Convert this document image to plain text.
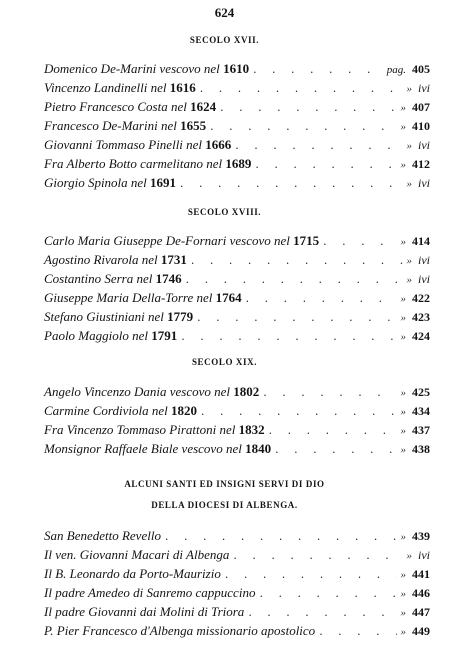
624
SECOLO XVII.
Domenico De-Marini vescovo nel 1610 . . .	pag. 405
Vincenzo Landinelli nel 1616 . . .	» ivi
Pietro Francesco Costa nel 1624 . . .	» 407
Francesco De-Marini nel 1655 . . .	» 410
Giovanni Tommaso Pinelli nel 1666 . . .	» ivi
Fra Alberto Botto carmelitano nel 1689 . . .	» 412
Giorgio Spinola nel 1691 . . .	» ivi
SECOLO XVIII.
Carlo Maria Giuseppe De-Fornari vescovo nel 1715 . . .	» 414
Agostino Rivarola nel 1731 . . .	» ivi
Costantino Serra nel 1746 . . .	» ivi
Giuseppe Maria Della-Torre nel 1764 . . .	» 422
Stefano Giustiniani nel 1779 . . .	» 423
Paolo Maggiolo nel 1791 . . .	» 424
SECOLO XIX.
Angelo Vincenzo Dania vescovo nel 1802 . . .	» 425
Carmine Cordiviola nel 1820 . . .	» 434
Fra Vincenzo Tommaso Pirattoni nel 1832 . . .	» 437
Monsignor Raffaele Biale vescovo nel 1840 . . .	» 438
ALCUNI SANTI ED INSIGNI SERVI DI DIO
DELLA DIOCESI DI ALBENGA.
San Benedetto Revello . . .	» 439
Il ven. Giovanni Macari di Albenga . . .	» ivi
Il B. Leonardo da Porto-Maurizio . . .	» 441
Il padre Amedeo di Sanremo cappuccino . . .	» 446
Il padre Giovanni dai Molini di Triora . . .	» 447
P. Pier Francesco d'Albenga missionario apostolico . . .	» 449
